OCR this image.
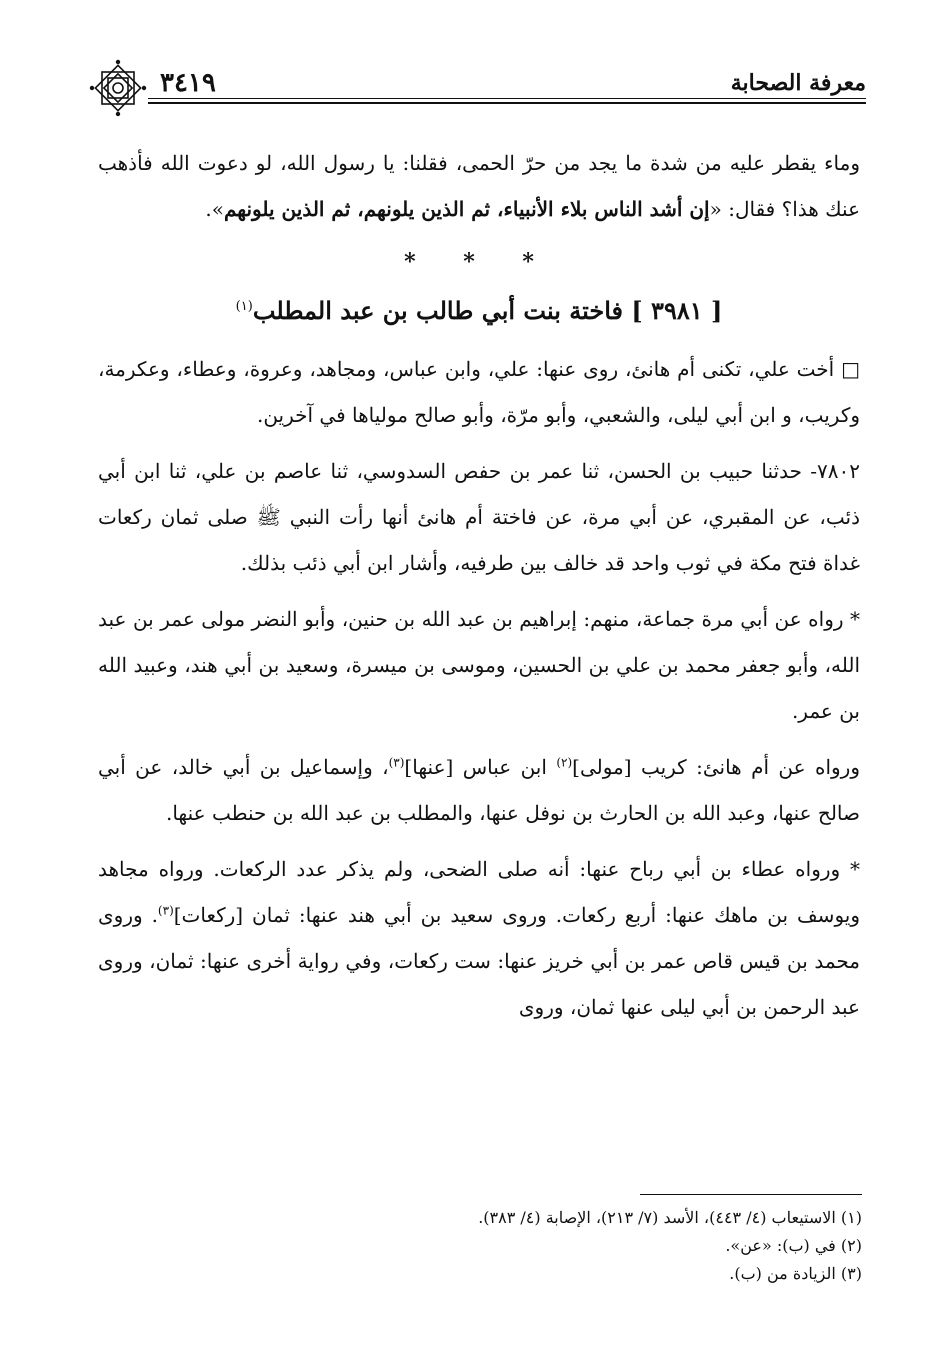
معرفة الصحابة
٣٤١٩

وماء يقطر عليه من شدة ما يجد من حرّ الحمى، فقلنا: يا رسول الله، لو دعوت الله فأذهب عنك هذا؟ فقال: «إن أشد الناس بلاء الأنبياء، ثم الذين يلونهم، ثم الذين يلونهم».

* * *
[ ٣٩٨١ ] فاختة بنت أبي طالب بن عبد المطلب$^{(١)}$

□ أخت علي، تكنى أم هانئ، روى عنها: علي، وابن عباس، ومجاهد، وعروة، وعطاء، وعكرمة، وكريب، و ابن أبي ليلى، والشعبي، وأبو مرّة، وأبو صالح مولياها في آخرين.

٧٨٠٢- حدثنا حبيب بن الحسن، ثنا عمر بن حفص السدوسي، ثنا عاصم بن علي، ثنا ابن أبي ذئب، عن المقبري، عن أبي مرة، عن فاختة أم هانئ أنها رأت النبي ﷺ صلى ثمان ركعات غداة فتح مكة في ثوب واحد قد خالف بين طرفيه، وأشار ابن أبي ذئب بذلك.

* رواه عن أبي مرة جماعة، منهم: إبراهيم بن عبد الله بن حنين، وأبو النضر مولى عمر بن عبد الله، وأبو جعفر محمد بن علي بن الحسين، وموسى بن ميسرة، وسعيد بن أبي هند، وعبيد الله بن عمر.

ورواه عن أم هانئ: كريب [مولى]$^{(٢)}$ ابن عباس [عنها]$^{(٣)}$، وإسماعيل بن أبي خالد، عن أبي صالح عنها، وعبد الله بن الحارث بن نوفل عنها، والمطلب بن عبد الله بن حنطب عنها.

* ورواه عطاء بن أبي رباح عنها: أنه صلى الضحى، ولم يذكر عدد الركعات. ورواه مجاهد ويوسف بن ماهك عنها: أربع ركعات. وروى سعيد بن أبي هند عنها: ثمان [ركعات]$^{(٣)}$. وروى محمد بن قيس قاص عمر بن أبي خريز عنها: ست ركعات، وفي رواية أخرى عنها: ثمان، وروى عبد الرحمن بن أبي ليلى عنها ثمان، وروى

(١) الاستيعاب (٤/ ٤٤٣)، الأسد (٧/ ٢١٣)، الإصابة (٤/ ٣٨٣).

(٢) في (ب): «عن».

(٣) الزيادة من (ب).
